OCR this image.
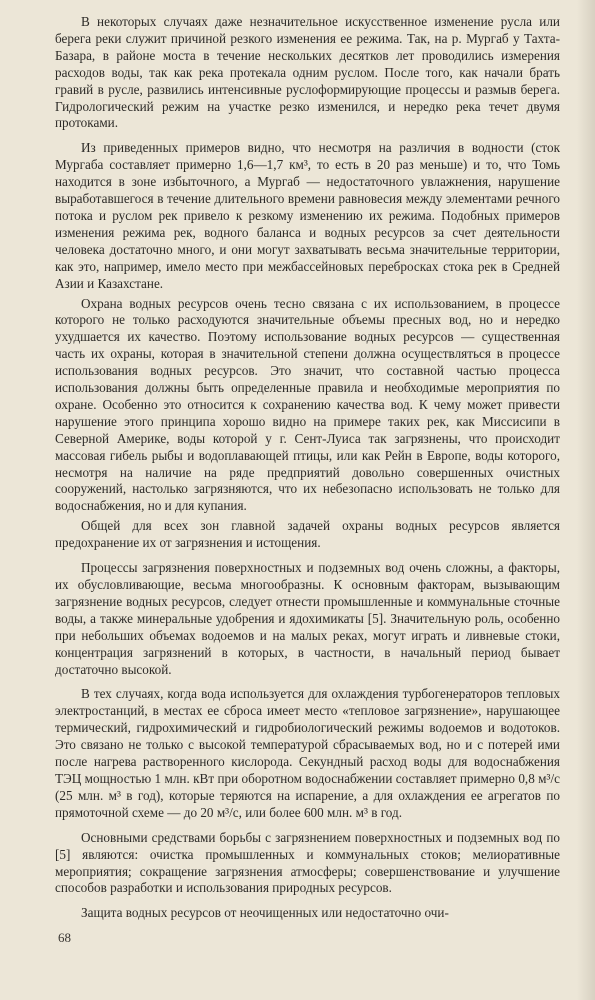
В некоторых случаях даже незначительное искусственное изменение русла или берега реки служит причиной резкого изменения ее режима. Так, на р. Мургаб у Тахта-Базара, в районе моста в течение нескольких десятков лет проводились измерения расходов воды, так как река протекала одним руслом. После того, как начали брать гравий в русле, развились интенсивные руслоформирующие процессы и размыв берега. Гидрологический режим на участке резко изменился, и нередко река течет двумя протоками.

Из приведенных примеров видно, что несмотря на различия в водности (сток Мургаба составляет примерно 1,6—1,7 км³, то есть в 20 раз меньше) и то, что Томь находится в зоне избыточного, а Мургаб — недостаточного увлажнения, нарушение выработавшегося в течение длительного времени равновесия между элементами речного потока и руслом рек привело к резкому изменению их режима. Подобных примеров изменения режима рек, водного баланса и водных ресурсов за счет деятельности человека достаточно много, и они могут захватывать весьма значительные территории, как это, например, имело место при межбассейновых перебросках стока рек в Средней Азии и Казахстане.

Охрана водных ресурсов очень тесно связана с их использованием, в процессе которого не только расходуются значительные объемы пресных вод, но и нередко ухудшается их качество. Поэтому использование водных ресурсов — существенная часть их охраны, которая в значительной степени должна осуществляться в процессе использования водных ресурсов. Это значит, что составной частью процесса использования должны быть определенные правила и необходимые мероприятия по охране. Особенно это относится к сохранению качества вод. К чему может привести нарушение этого принципа хорошо видно на примере таких рек, как Миссисипи в Северной Америке, воды которой у г. Сент-Луиса так загрязнены, что происходит массовая гибель рыбы и водоплавающей птицы, или как Рейн в Европе, воды которого, несмотря на наличие на ряде предприятий довольно совершенных очистных сооружений, настолько загрязняются, что их небезопасно использовать не только для водоснабжения, но и для купания.

Общей для всех зон главной задачей охраны водных ресурсов является предохранение их от загрязнения и истощения.

Процессы загрязнения поверхностных и подземных вод очень сложны, а факторы, их обусловливающие, весьма многообразны. К основным факторам, вызывающим загрязнение водных ресурсов, следует отнести промышленные и коммунальные сточные воды, а также минеральные удобрения и ядохимикаты [5]. Значительную роль, особенно при небольших объемах водоемов и на малых реках, могут играть и ливневые стоки, концентрация загрязнений в которых, в частности, в начальный период бывает достаточно высокой.

В тех случаях, когда вода используется для охлаждения турбогенераторов тепловых электростанций, в местах ее сброса имеет место «тепловое загрязнение», нарушающее термический, гидрохимический и гидробиологический режимы водоемов и водотоков. Это связано не только с высокой температурой сбрасываемых вод, но и с потерей ими после нагрева растворенного кислорода. Секундный расход воды для водоснабжения ТЭЦ мощностью 1 млн. кВт при оборотном водоснабжении составляет примерно 0,8 м³/с (25 млн. м³ в год), которые теряются на испарение, а для охлаждения ее агрегатов по прямоточной схеме — до 20 м³/с, или более 600 млн. м³ в год.

Основными средствами борьбы с загрязнением поверхностных и подземных вод по [5] являются: очистка промышленных и коммунальных стоков; мелиоративные мероприятия; сокращение загрязнения атмосферы; совершенствование и улучшение способов разработки и использования природных ресурсов.

Защита водных ресурсов от неочищенных или недостаточно очи-

68
